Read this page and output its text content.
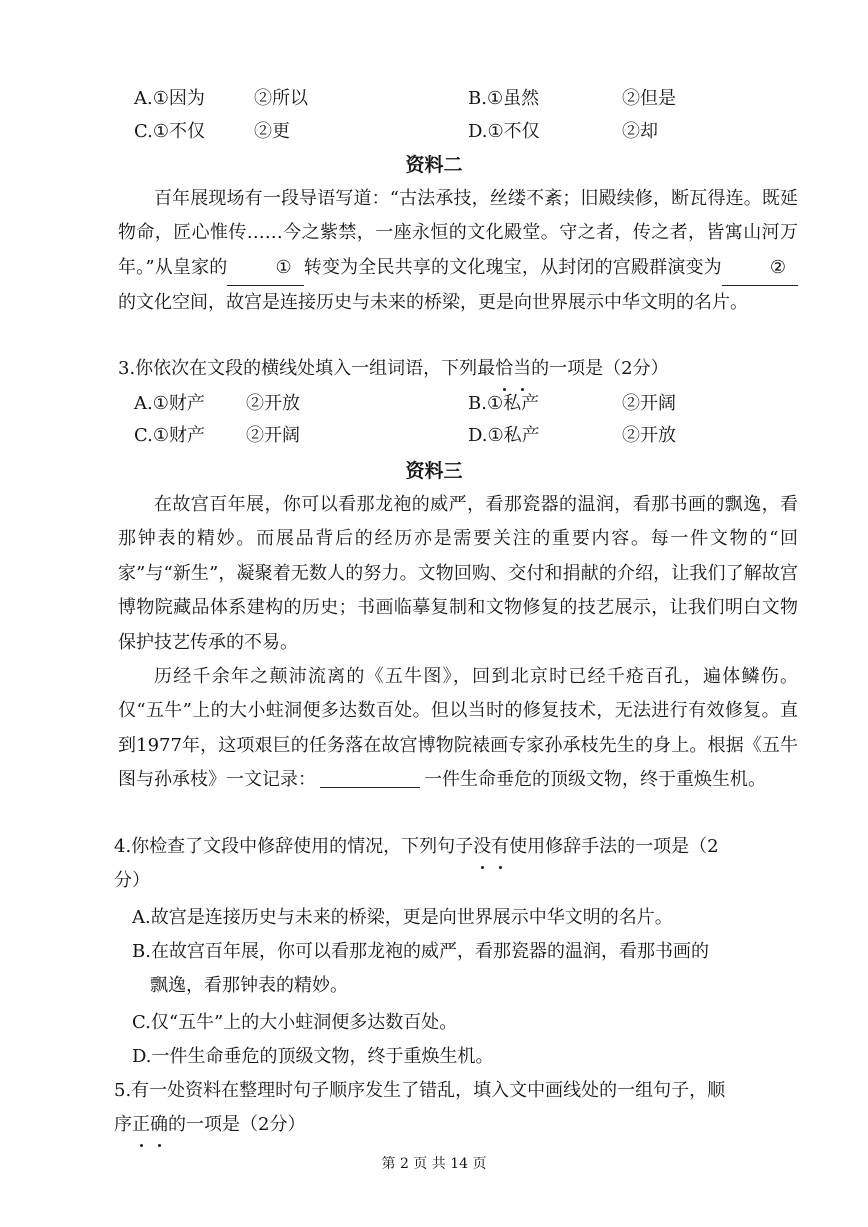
A.①因为	②所以	B.①虽然	②但是
C.①不仅	②更	D.①不仅	②却
资料二
百年展现场有一段导语写道：“古法承技，丝缕不紊；旧殿续修，断瓦得连。既延物命，匠心惟传……今之紫禁，一座永恒的文化殿堂。守之者，传之者，皆寓山河万年。”从皇家的	① 转变为全民共享的文化瑰宝，从封闭的宫殿群演变为	②的文化空间，故宫是连接历史与未来的桥梁，更是向世界展示中华文明的名片。
3.你依次在文段的横线处填入一组词语，下列最恰当的一项是（2分）
A.①财产 ②开放	B.①私产	②开阔
C.①财产 ②开阔	D.①私产	②开放
资料三
在故宫百年展，你可以看那龙袍的威严，看那瓷器的温润，看那书画的飘逸，看那钟表的精妙。而展品背后的经历亦是需要关注的重要内容。每一件文物的“回家”与“新生”，凝聚着无数人的努力。文物回购、交付和捐献的介绍，让我们了解故宫博物院藏品体系建构的历史；书画临摹复制和文物修复的技艺展示，让我们明白文物保护技艺传承的不易。
历经千余年之颠沛流离的《五牛图》，回到北京时已经千疮百孔，遍体鳞伤。仅“五牛”上的大小蛀洞便多达数百处。但以当时的修复技术，无法进行有效修复。直到1977年，这项艰巨的任务落在故宫博物院裱画专家孙承枝先生的身上。根据《五牛图与孙承枝》一文记录：	一件生命垂危的顶级文物，终于重焕生机。
4.你检查了文段中修辞使用的情况，下列句子没有使用修辞手法的一项是（2
分）
A.故宫是连接历史与未来的桥梁，更是向世界展示中华文明的名片。
B.在故宫百年展，你可以看那龙袍的威严，看那瓷器的温润，看那书画的
飘逸，看那钟表的精妙。
C.仅“五牛”上的大小蛀洞便多达数百处。
D.一件生命垂危的顶级文物，终于重焕生机。
5.有一处资料在整理时句子顺序发生了错乱，填入文中画线处的一组句子，顺
序正确的一项是（2分）
第 2 页 共 14 页
